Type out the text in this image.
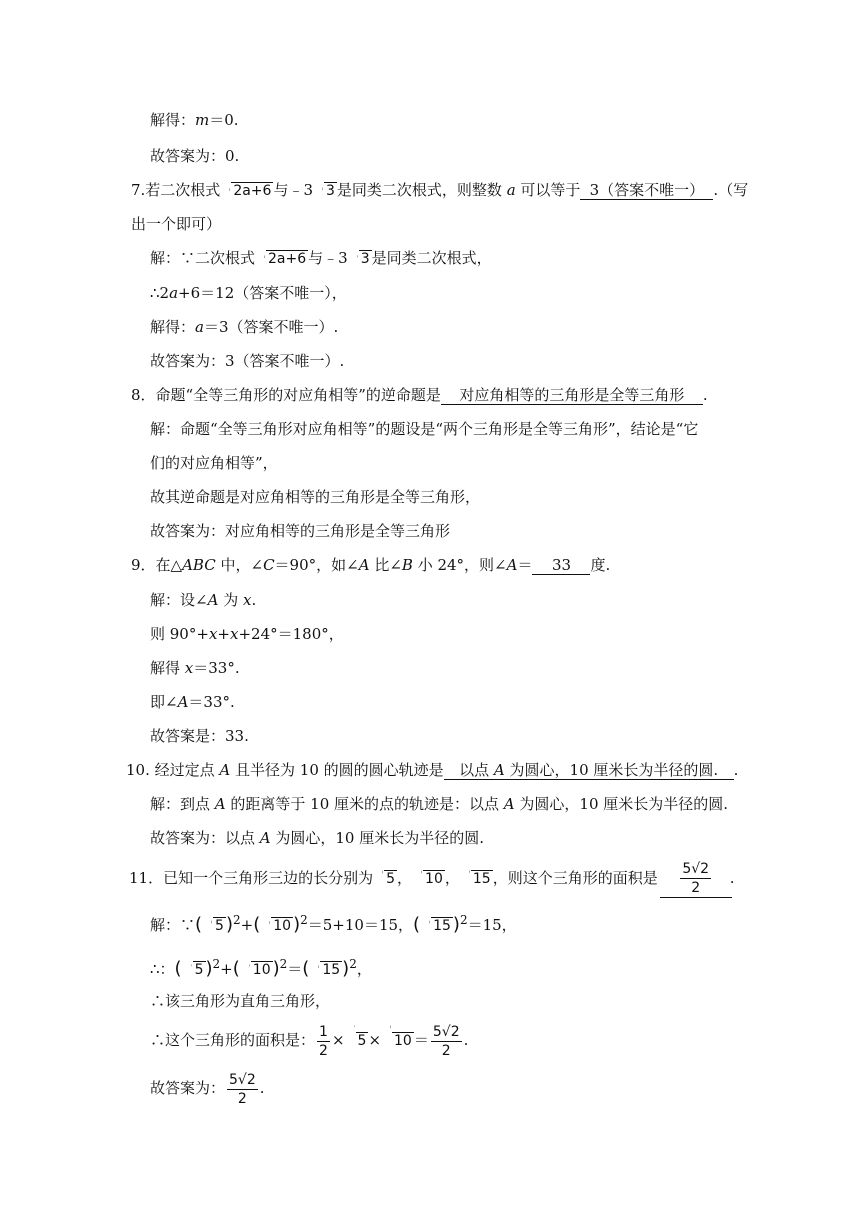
解得：m＝0.
故答案为：0.
7.若二次根式 2a+6 与﹣3 3 是同类二次根式，则整数 a 可以等于 3（答案不唯一） .（写
出一个即可）
解：∵二次根式 2a+6 与﹣3 3 是同类二次根式，
∴2a+6＝12（答案不唯一），
解得：a＝3（答案不唯一）.
故答案为：3（答案不唯一）.
8．命题“全等三角形的对应角相等”的逆命题是 对应角相等的三角形是全等三角形 .
解：命题“全等三角形对应角相等”的题设是“两个三角形是全等三角形”，结论是“它
们的对应角相等”，
故其逆命题是对应角相等的三角形是全等三角形，
故答案为：对应角相等的三角形是全等三角形
9．在△ABC 中，∠C＝90°，如∠A 比∠B 小 24°，则∠A＝ 33 度.
解：设∠A 为 x.
则 90°+x+x+24°＝180°，
解得 x＝33°.
即∠A＝33°.
故答案是：33.
10. 经过定点 A 且半径为 10 的圆的圆心轨迹是 以点 A 为圆心，10 厘米长为半径的圆. .
解：到点 A 的距离等于 10 厘米的点的轨迹是：以点 A 为圆心，10 厘米长为半径的圆.
故答案为：以点 A 为圆心，10 厘米长为半径的圆.
11．已知一个三角形三边的长分别为 5 ， 10 ， 15 ，则这个三角形的面积是 $\frac{5√2}{2}$
.
解：∵( 5 )$^2$+( 10 )$^2$＝5+10＝15，( 15 )$^2$＝15，
∴：( 5 )$^2$+( 10 )$^2$＝( 15 )$^2$，
∴该三角形为直角三角形，
∴这个三角形的面积是： $\frac{1}{2} \times 5 \times 10 = \frac{5√2}{2}$ .
故答案为： $\frac{5√2}{2}$ .
